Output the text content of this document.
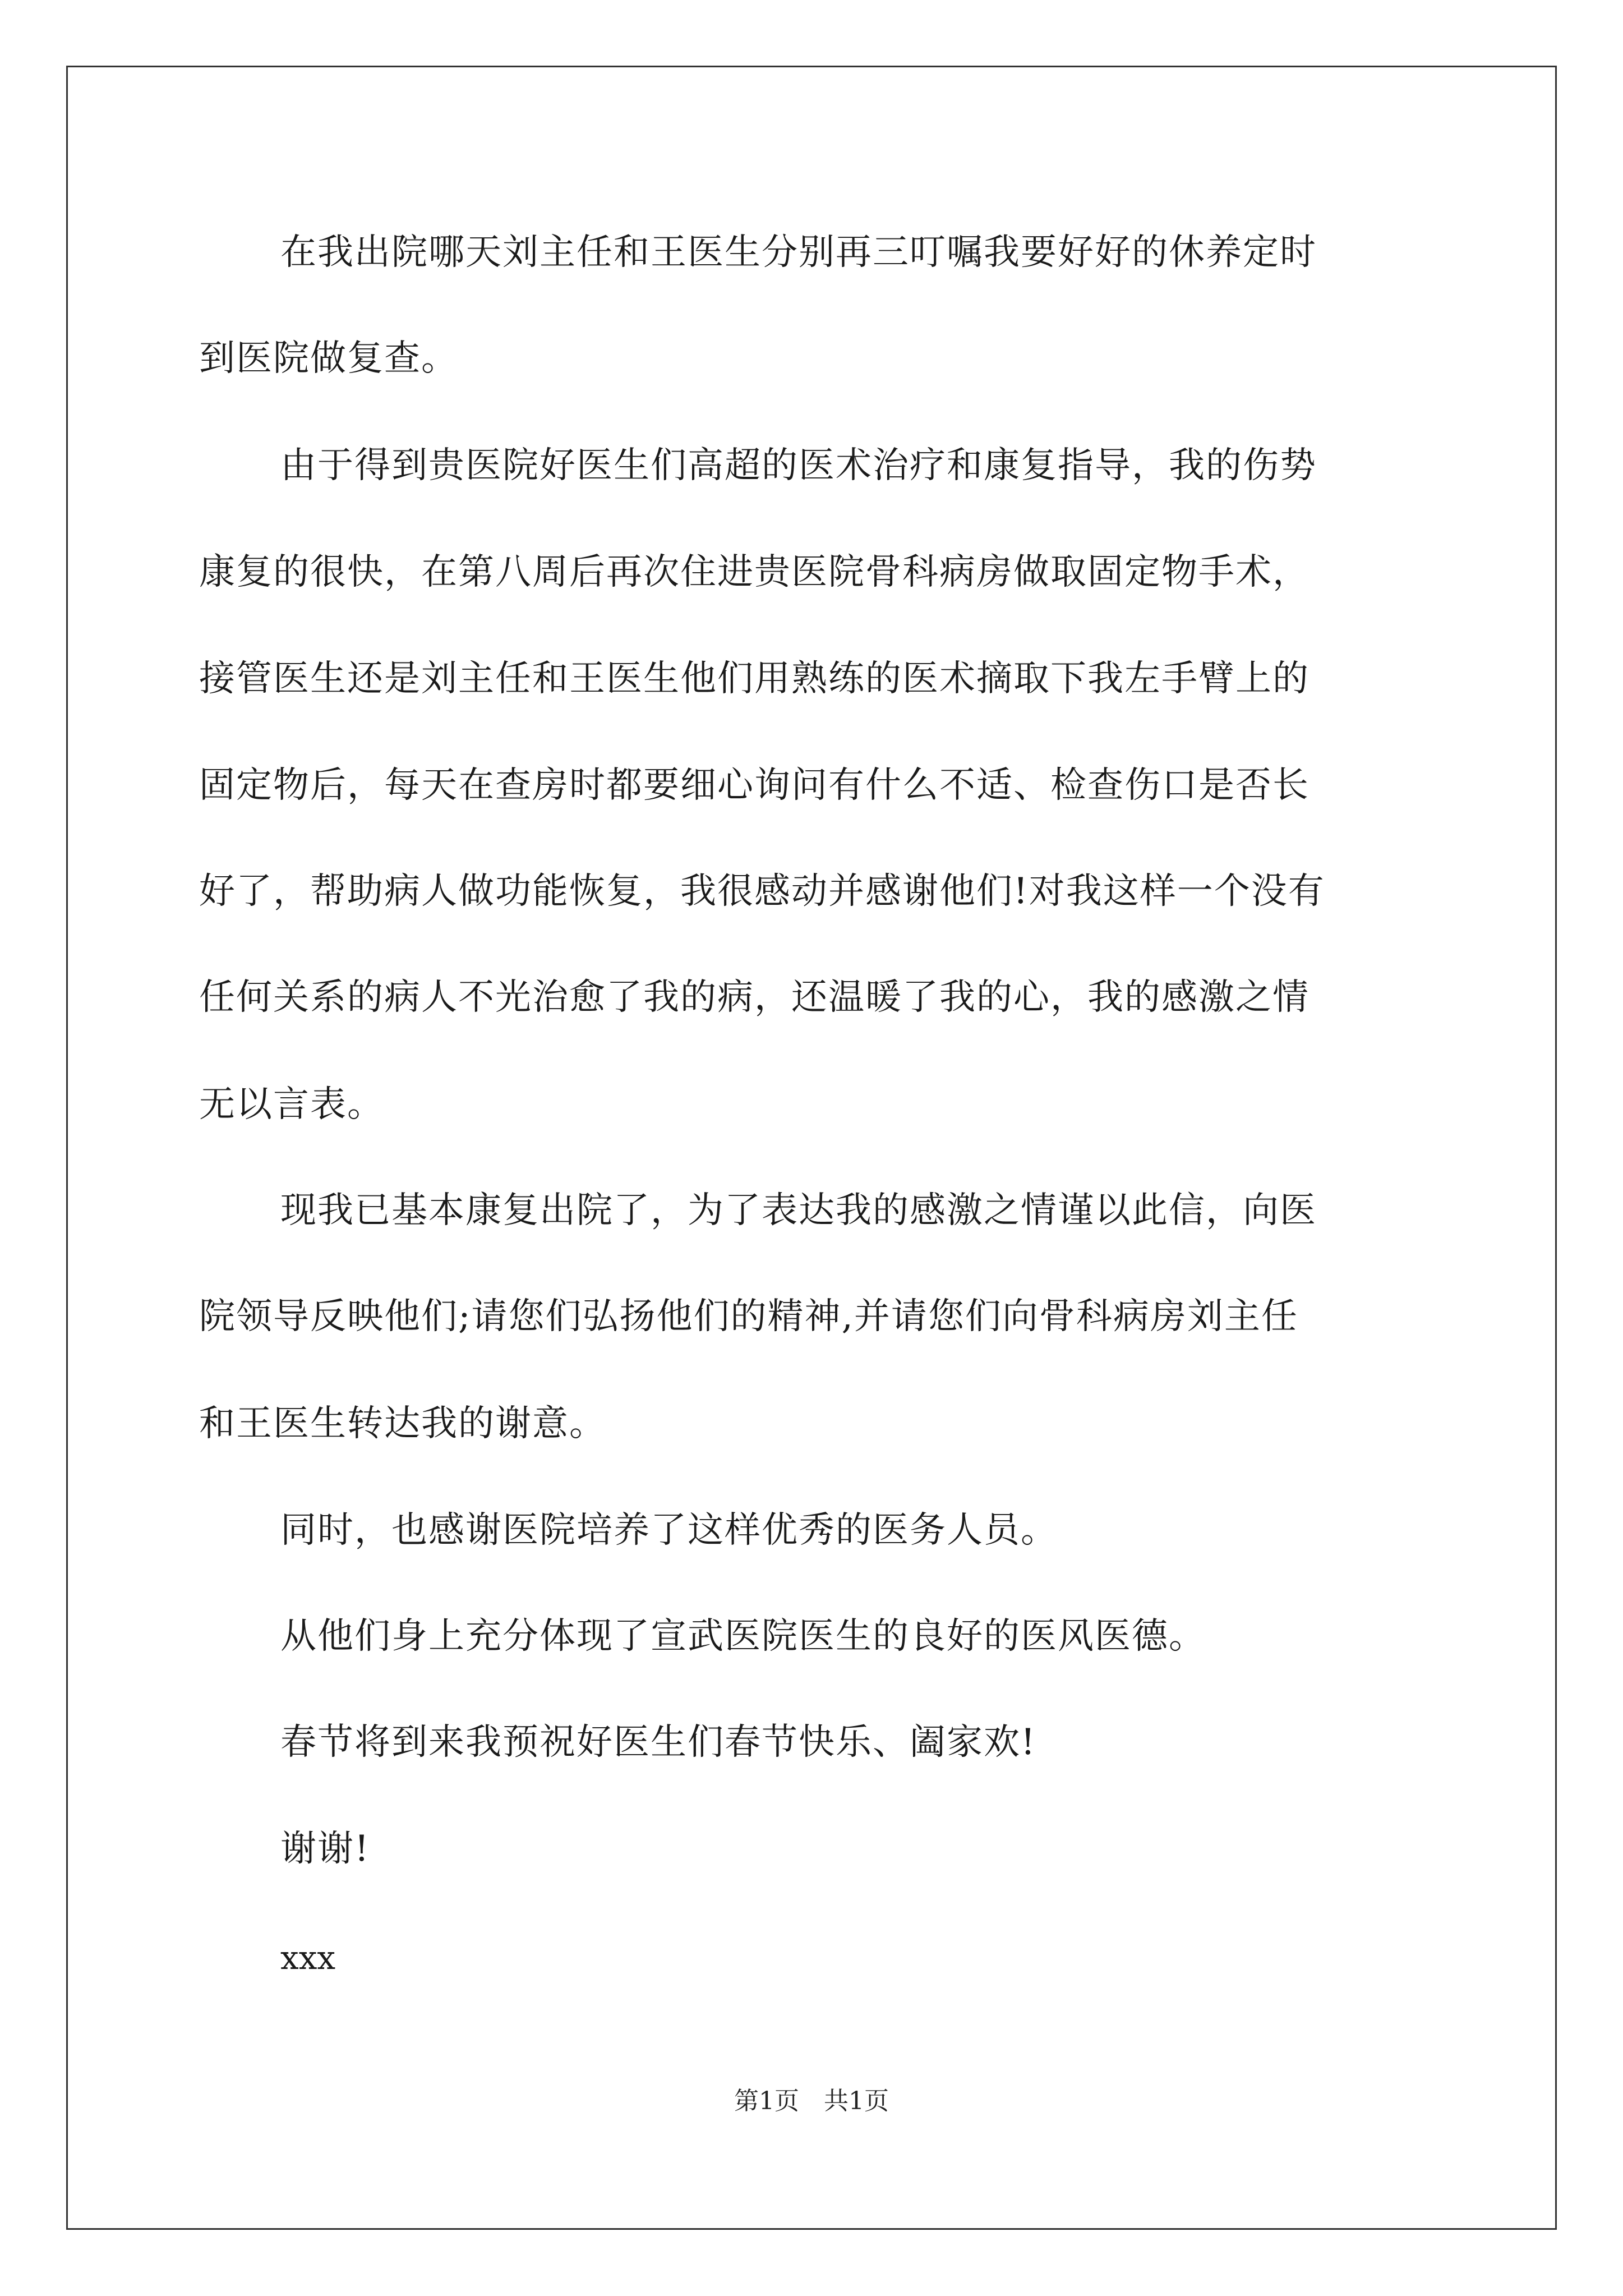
在我出院哪天刘主任和王医生分别再三叮嘱我要好好的休养定时
到医院做复查。
由于得到贵医院好医生们高超的医术治疗和康复指导，我的伤势
康复的很快，在第八周后再次住进贵医院骨科病房做取固定物手术，
接管医生还是刘主任和王医生他们用熟练的医术摘取下我左手臂上的
固定物后，每天在查房时都要细心询问有什么不适、检查伤口是否长
好了，帮助病人做功能恢复，我很感动并感谢他们!对我这样一个没有
任何关系的病人不光治愈了我的病，还温暖了我的心，我的感激之情
无以言表。
现我已基本康复出院了，为了表达我的感激之情谨以此信，向医
院领导反映他们;请您们弘扬他们的精神,并请您们向骨科病房刘主任
和王医生转达我的谢意。
同时，也感谢医院培养了这样优秀的医务人员。
从他们身上充分体现了宣武医院医生的良好的医风医德。
春节将到来我预祝好医生们春节快乐、阖家欢!
谢谢!
xxx
第1页　共1页
